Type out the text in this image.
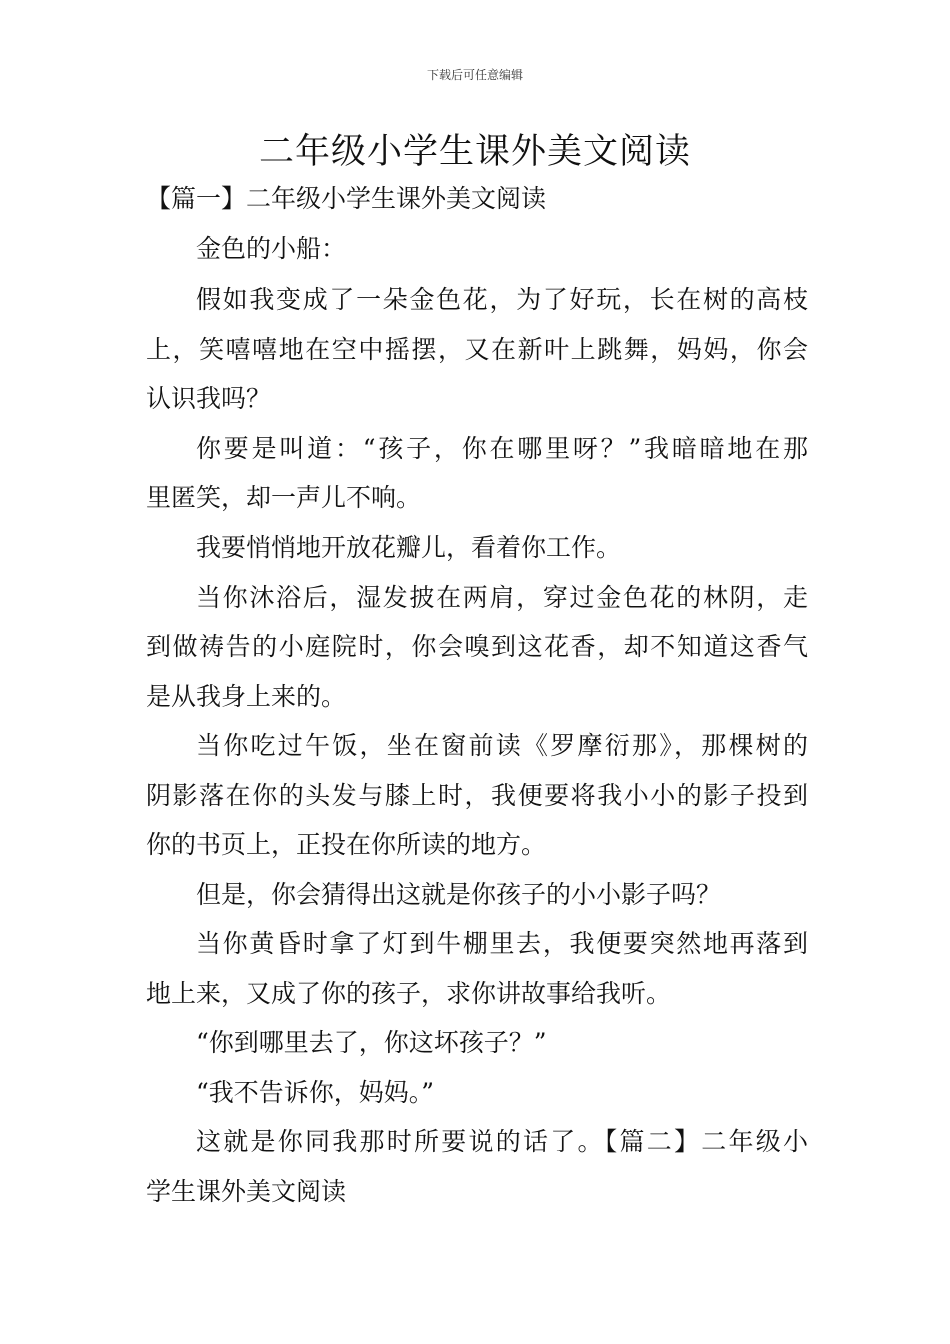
下载后可任意编辑
二年级小学生课外美文阅读
【篇一】二年级小学生课外美文阅读
金色的小船：
假如我变成了一朵金色花，为了好玩，长在树的高枝
上，笑嘻嘻地在空中摇摆，又在新叶上跳舞，妈妈，你会
认识我吗？
你要是叫道：“孩子，你在哪里呀？”我暗暗地在那
里匿笑，却一声儿不响。
我要悄悄地开放花瓣儿，看着你工作。
当你沐浴后，湿发披在两肩，穿过金色花的林阴，走
到做祷告的小庭院时，你会嗅到这花香，却不知道这香气
是从我身上来的。
当你吃过午饭，坐在窗前读《罗摩衍那》，那棵树的
阴影落在你的头发与膝上时，我便要将我小小的影子投到
你的书页上，正投在你所读的地方。
但是，你会猜得出这就是你孩子的小小影子吗？
当你黄昏时拿了灯到牛棚里去，我便要突然地再落到
地上来，又成了你的孩子，求你讲故事给我听。
“你到哪里去了，你这坏孩子？”
“我不告诉你，妈妈。”
这就是你同我那时所要说的话了。【篇二】二年级小
学生课外美文阅读
